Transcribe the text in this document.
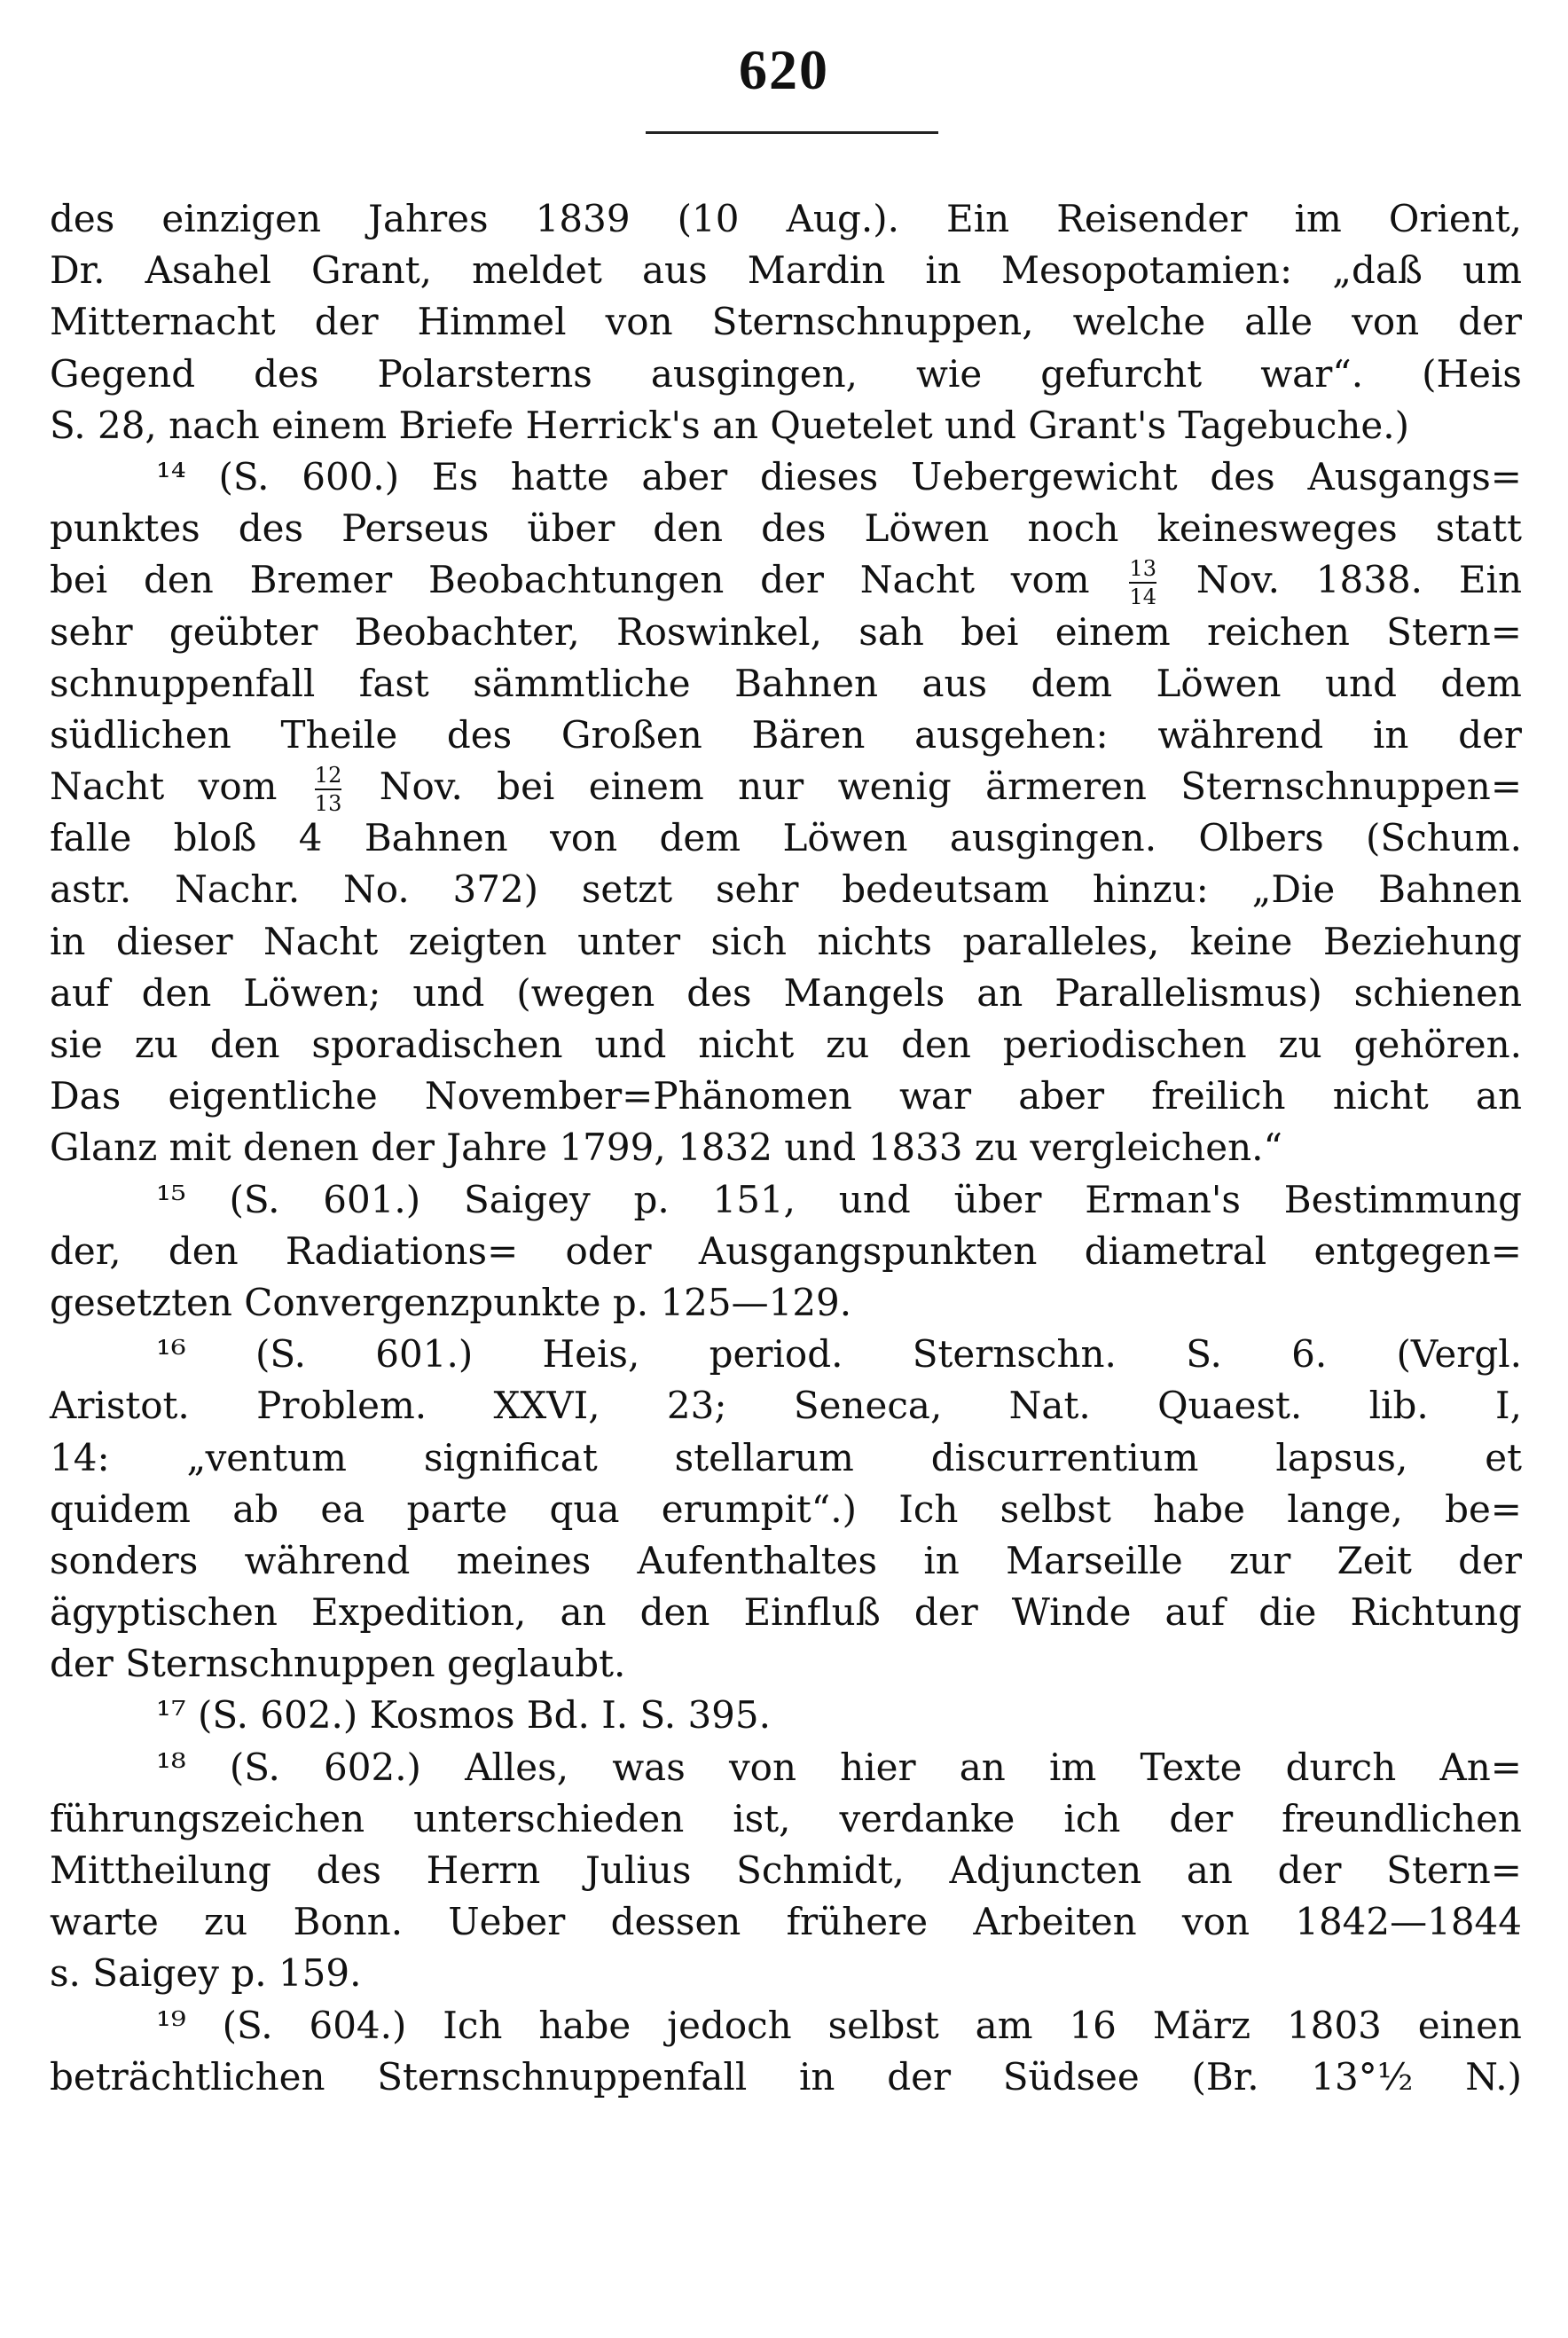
620
des einzigen Jahres 1839 (10 Aug.). Ein Reisender im Orient,
Dr. Asahel Grant, meldet aus Mardin in Mesopotamien: „daß um
Mitternacht der Himmel von Sternschnuppen, welche alle von der
Gegend des Polarsterns ausgingen, wie gefurcht war“. (Heis
S. 28, nach einem Briefe Herrick's an Quetelet und Grant's Tagebuche.)
¹⁴ (S. 600.) Es hatte aber dieses Uebergewicht des Ausgangs=
punktes des Perseus über den des Löwen noch keinesweges statt
bei den Bremer Beobachtungen der Nacht vom $\frac{13}{14}$ Nov. 1838. Ein
sehr geübter Beobachter, Roswinkel, sah bei einem reichen Stern=
schnuppenfall fast sämmtliche Bahnen aus dem Löwen und dem
südlichen Theile des Großen Bären ausgehen: während in der
Nacht vom $\frac{12}{13}$ Nov. bei einem nur wenig ärmeren Sternschnuppen=
falle bloß 4 Bahnen von dem Löwen ausgingen. Olbers (Schum.
astr. Nachr. No. 372) setzt sehr bedeutsam hinzu: „Die Bahnen
in dieser Nacht zeigten unter sich nichts paralleles, keine Beziehung
auf den Löwen; und (wegen des Mangels an Parallelismus) schienen
sie zu den sporadischen und nicht zu den periodischen zu gehören.
Das eigentliche November=Phänomen war aber freilich nicht an
Glanz mit denen der Jahre 1799, 1832 und 1833 zu vergleichen.“
¹⁵ (S. 601.) Saigey p. 151, und über Erman's Bestimmung
der, den Radiations= oder Ausgangspunkten diametral entgegen=
gesetzten Convergenzpunkte p. 125—129.
¹⁶ (S. 601.) Heis, period. Sternschn. S. 6. (Vergl.
Aristot. Problem. XXVI, 23; Seneca, Nat. Quaest. lib. I,
14: „ventum significat stellarum discurrentium lapsus, et
quidem ab ea parte qua erumpit“.) Ich selbst habe lange, be=
sonders während meines Aufenthaltes in Marseille zur Zeit der
ägyptischen Expedition, an den Einfluß der Winde auf die Richtung
der Sternschnuppen geglaubt.
¹⁷ (S. 602.) Kosmos Bd. I. S. 395.
¹⁸ (S. 602.) Alles, was von hier an im Texte durch An=
führungszeichen unterschieden ist, verdanke ich der freundlichen
Mittheilung des Herrn Julius Schmidt, Adjuncten an der Stern=
warte zu Bonn. Ueber dessen frühere Arbeiten von 1842—1844
s. Saigey p. 159.
¹⁹ (S. 604.) Ich habe jedoch selbst am 16 März 1803 einen
beträchtlichen Sternschnuppenfall in der Südsee (Br. 13°½ N.)
